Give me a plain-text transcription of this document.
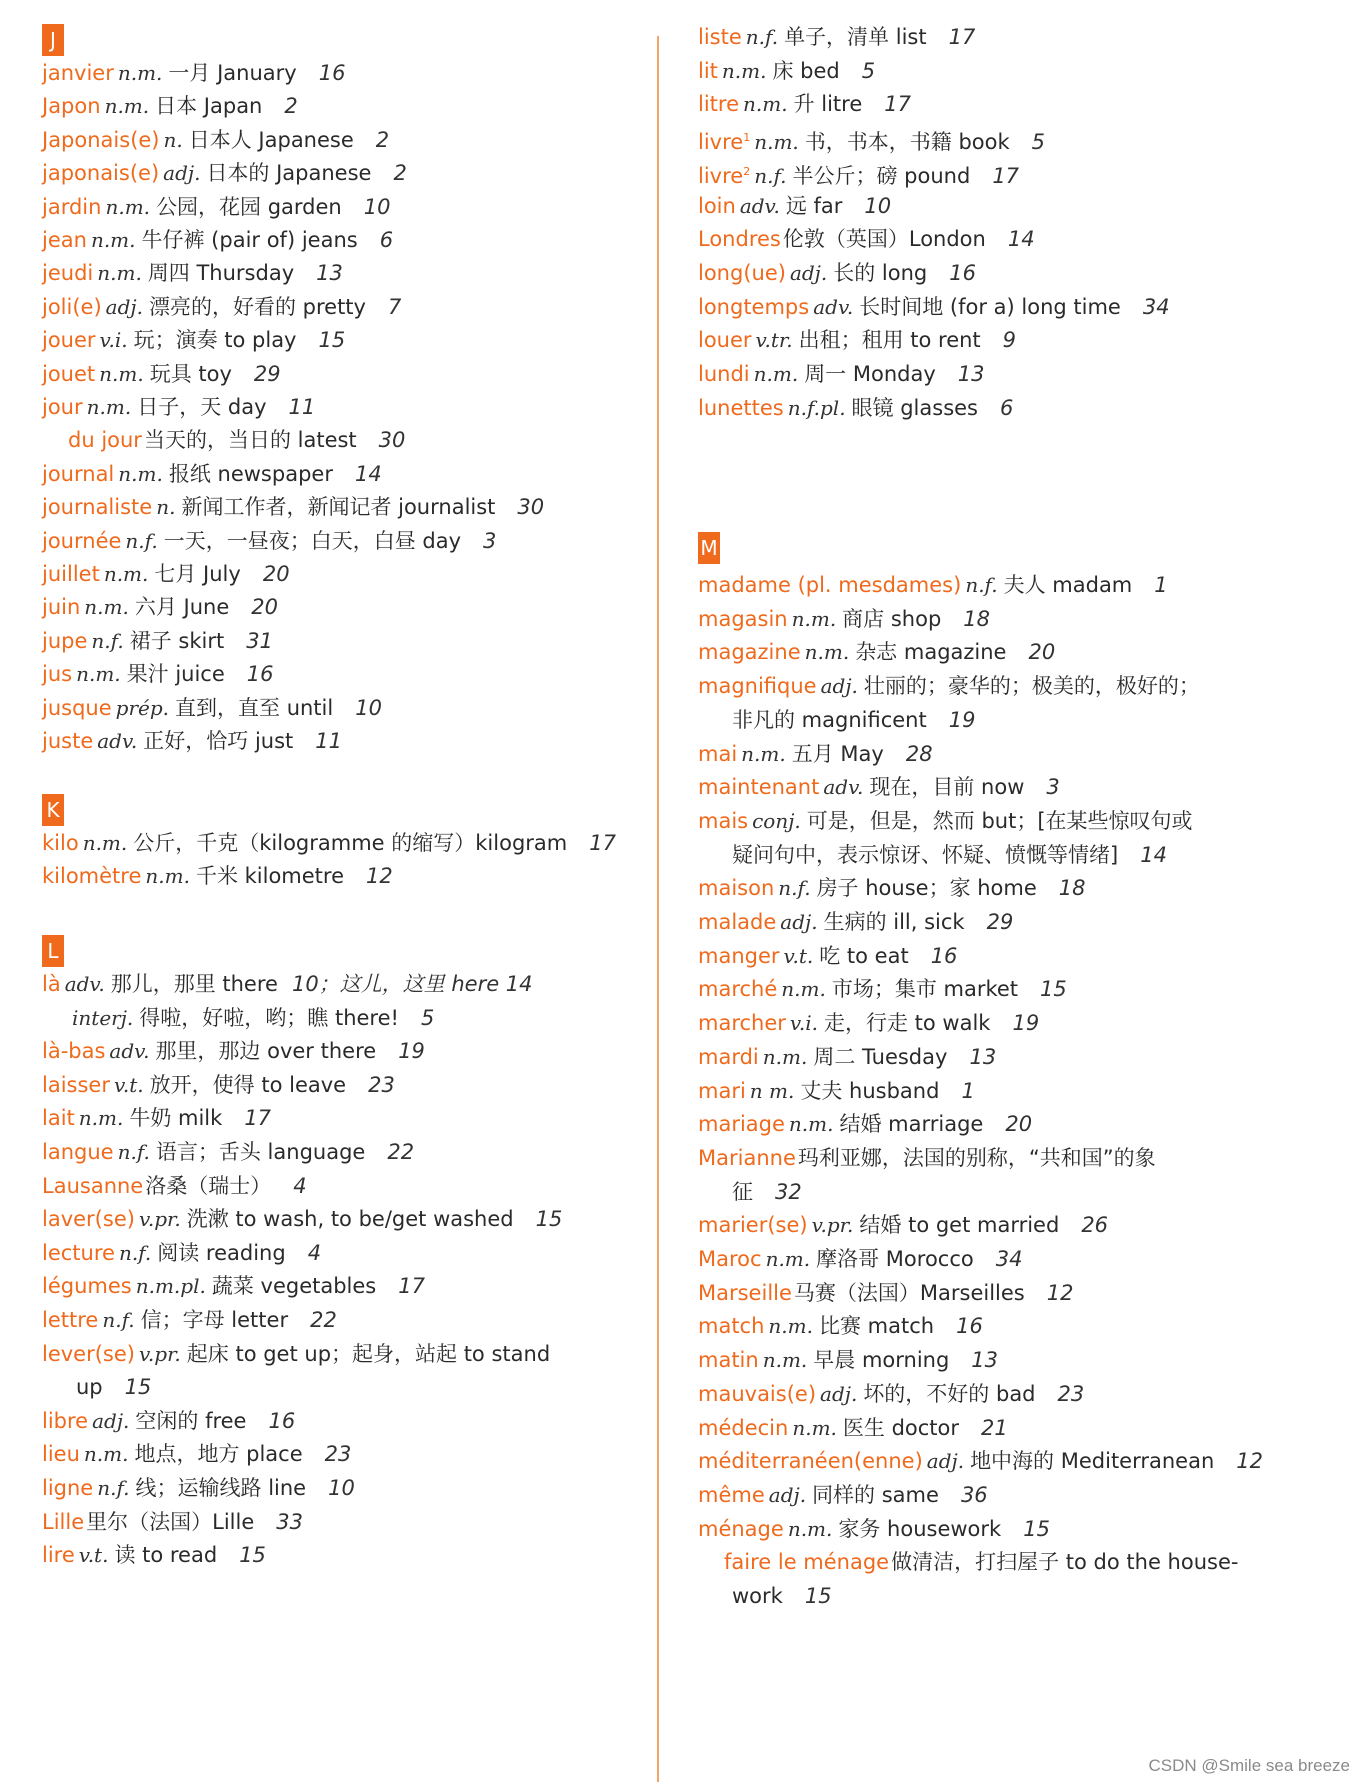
J
janvier n.m. 一月 January 16
Japon n.m. 日本 Japan 2
Japonais(e) n. 日本人 Japanese 2
japonais(e) adj. 日本的 Japanese 2
jardin n.m. 公园，花园 garden 10
jean n.m. 牛仔裤 (pair of) jeans 6
jeudi n.m. 周四 Thursday 13
joli(e) adj. 漂亮的，好看的 pretty 7
jouer v.i. 玩；演奏 to play 15
jouet n.m. 玩具 toy 29
jour n.m. 日子，天 day 11
du jour当天的，当日的 latest 30
journal n.m. 报纸 newspaper 14
journaliste n. 新闻工作者，新闻记者 journalist 30
journée n.f. 一天，一昼夜；白天，白昼 day 3
juillet n.m. 七月 July 20
juin n.m. 六月 June 20
jupe n.f. 裙子 skirt 31
jus n.m. 果汁 juice 16
jusque prép. 直到，直至 until 10
juste adv. 正好，恰巧 just 11
K
kilo n.m. 公斤，千克（kilogramme 的缩写）kilogram 17
kilomètre n.m. 千米 kilometre 12
L
là adv. 那儿，那里 there 10；这儿，这里 here 14
interj. 得啦，好啦，哟；瞧 there! 5
là-bas adv. 那里，那边 over there 19
laisser v.t. 放开，使得 to leave 23
lait n.m. 牛奶 milk 17
langue n.f. 语言；舌头 language 22
Lausanne洛桑（瑞士） 4
laver(se) v.pr. 洗漱 to wash, to be/get washed 15
lecture n.f. 阅读 reading 4
légumes n.m.pl. 蔬菜 vegetables 17
lettre n.f. 信；字母 letter 22
lever(se) v.pr. 起床 to get up；起身，站起 to stand
up 15
libre adj. 空闲的 free 16
lieu n.m. 地点，地方 place 23
ligne n.f. 线；运输线路 line 10
Lille里尔（法国）Lille 33
lire v.t. 读 to read 15
liste n.f. 单子，清单 list 17
lit n.m. 床 bed 5
litre n.m. 升 litre 17
livre$^1$ n.m. 书，书本，书籍 book 5
livre$^2$ n.f. 半公斤；磅 pound 17
loin adv. 远 far 10
Londres伦敦（英国）London 14
long(ue) adj. 长的 long 16
longtemps adv. 长时间地 (for a) long time 34
louer v.tr. 出租；租用 to rent 9
lundi n.m. 周一 Monday 13
lunettes n.f.pl. 眼镜 glasses 6
M
madame (pl. mesdames) n.f. 夫人 madam 1
magasin n.m. 商店 shop 18
magazine n.m. 杂志 magazine 20
magnifique adj. 壮丽的；豪华的；极美的，极好的；
非凡的 magnificent 19
mai n.m. 五月 May 28
maintenant adv. 现在，目前 now 3
mais conj. 可是，但是，然而 but；[在某些惊叹句或
疑问句中，表示惊讶、怀疑、愤慨等情绪] 14
maison n.f. 房子 house；家 home 18
malade adj. 生病的 ill, sick 29
manger v.t. 吃 to eat 16
marché n.m. 市场；集市 market 15
marcher v.i. 走，行走 to walk 19
mardi n.m. 周二 Tuesday 13
mari n m. 丈夫 husband 1
mariage n.m. 结婚 marriage 20
Marianne玛利亚娜，法国的别称，“共和国”的象
征 32
marier(se) v.pr. 结婚 to get married 26
Maroc n.m. 摩洛哥 Morocco 34
Marseille马赛（法国）Marseilles 12
match n.m. 比赛 match 16
matin n.m. 早晨 morning 13
mauvais(e) adj. 坏的，不好的 bad 23
médecin n.m. 医生 doctor 21
méditerranéen(enne) adj. 地中海的 Mediterranean 12
même adj. 同样的 same 36
ménage n.m. 家务 housework 15
faire le ménage做清洁，打扫屋子 to do the house-
work 15
CSDN @Smile sea breeze
